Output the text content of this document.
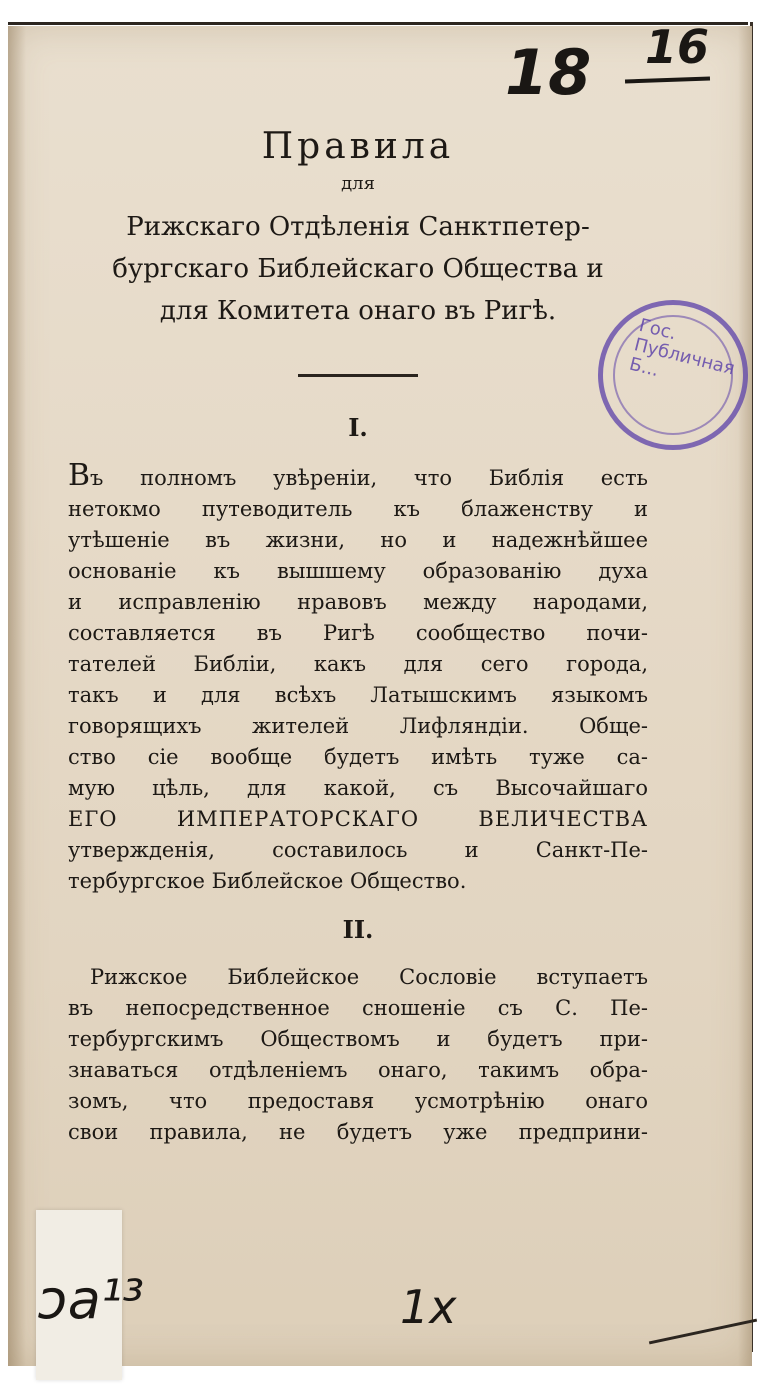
Правила
для
Рижскаго Отдѣленія Санктпетер-
бургскаго Библейскаго Общества и
для Комитета онаго въ Ригѣ.
I.
Въ полномъ увѣреніи, что Библія есть
нетокмо путеводитель къ блаженству и
утѣшеніе въ жизни, но и надежнѣйшее
основаніе къ вышшему образованію духа
и исправленію нравовъ между народами,
составляется въ Ригѣ сообщество почи-
тателей Библіи, какъ для сего города,
такъ и для всѣхъ Латышскимъ языкомъ
говорящихъ жителей Лифляндіи. Обще-
ство сіе вообще будетъ имѣть туже са-
мую цѣль, для какой, съ Высочайшаго
ЕГО ИМПЕРАТОРСКАГО ВЕЛИЧЕСТВА
утвержденія, составилось и Санкт-Пе-
тербургское Библейское Общество.
II.
Рижское Библейское Сословіе вступаетъ
въ непосредственное сношеніе съ С. Пе-
тербургскимъ Обществомъ и будетъ при-
знаваться отдѣленіемъ онаго, такимъ обра-
зомъ, что предоставя усмотрѣнію онаго
свои правила, не будетъ уже предприни-
18 16
Гос. Публичная Б...
ɔa¹³	1x
